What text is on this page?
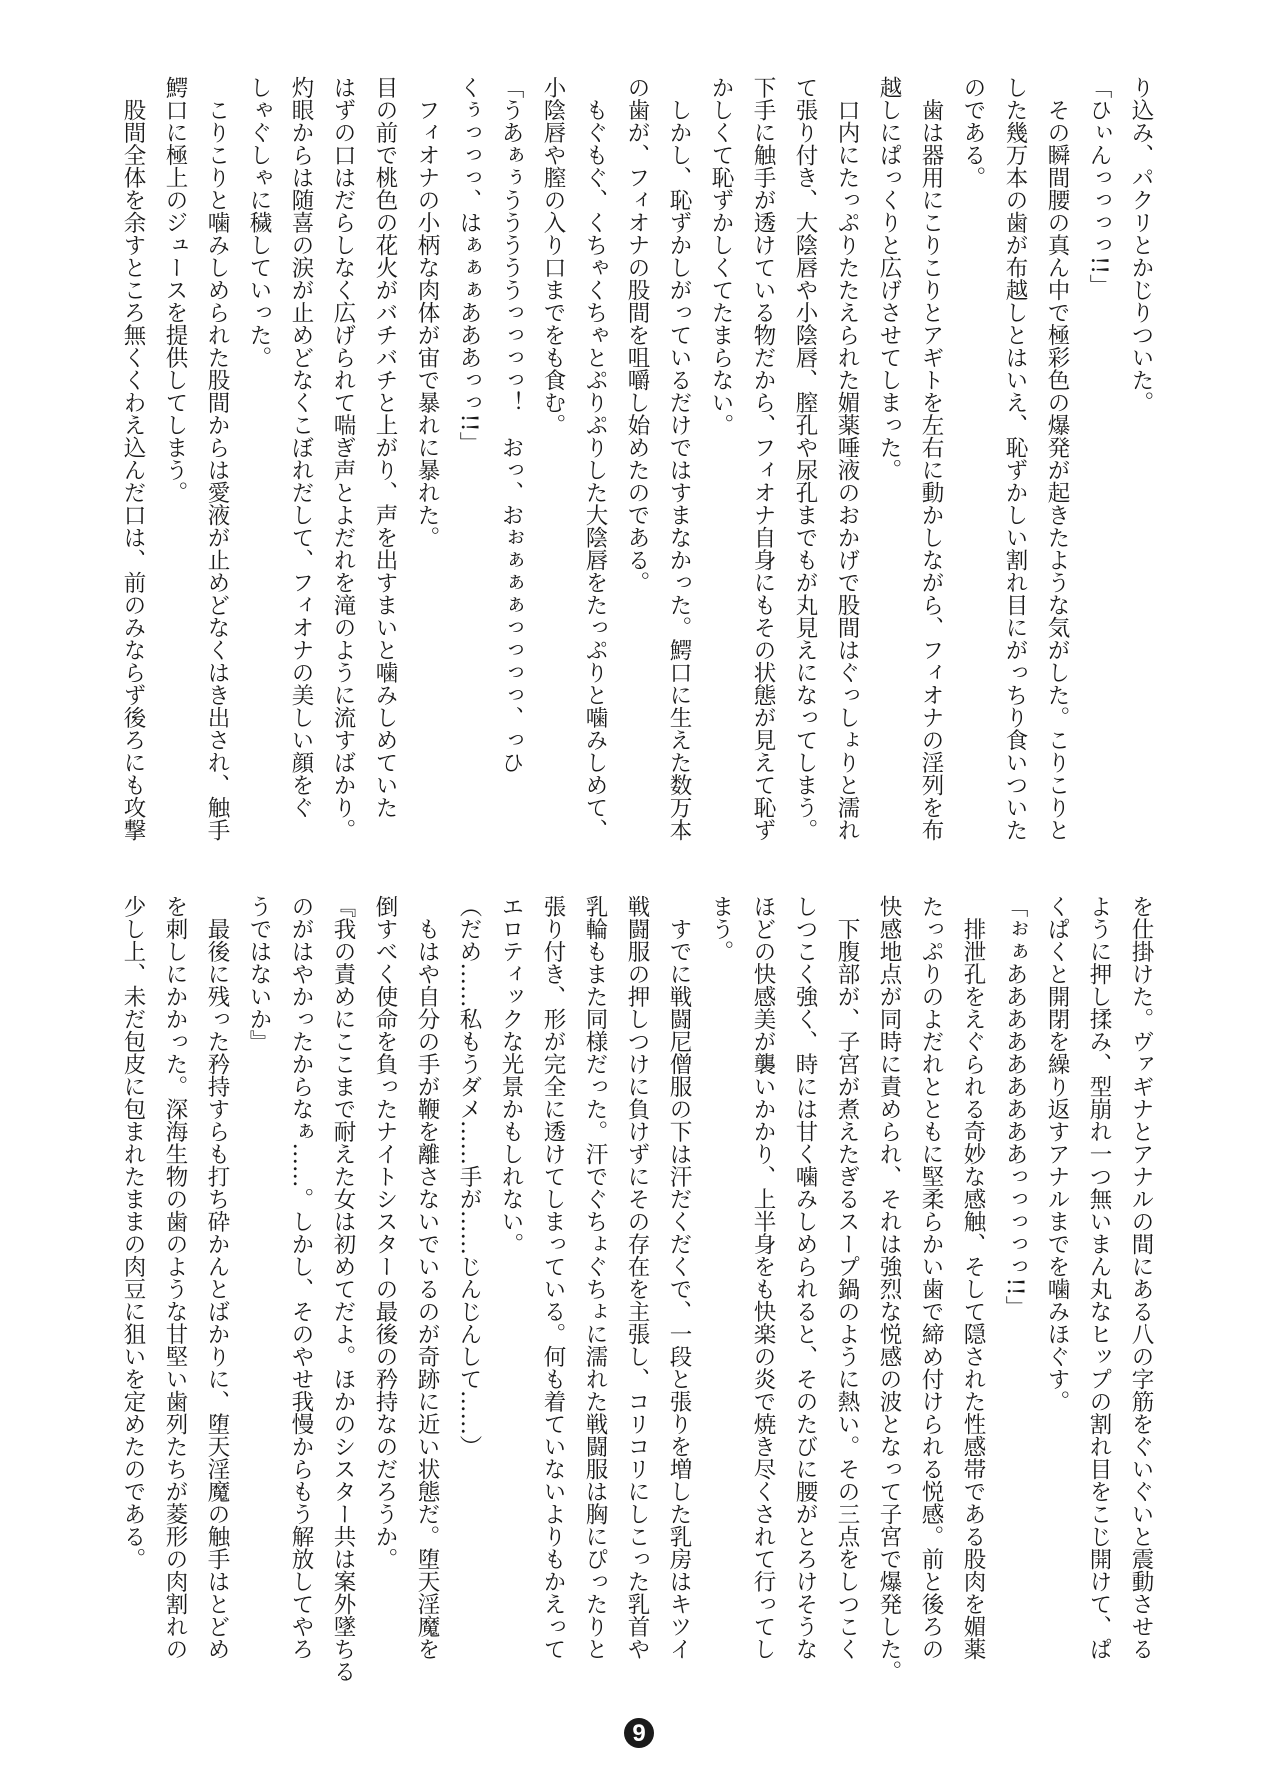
り込み、パクリとかじりついた。
「ひぃんっっっっ!!」
　その瞬間腰の真ん中で極彩色の爆発が起きたような気がした。こりこりと
した幾万本の歯が布越しとはいえ、恥ずかしい割れ目にがっちり食いついた
のである。
　歯は器用にこりこりとアギトを左右に動かしながら、フィオナの淫列を布
越しにぱっくりと広げさせてしまった。
　口内にたっぷりたたえられた媚薬唾液のおかげで股間はぐっしょりと濡れ
て張り付き、大陰唇や小陰唇、膣孔や尿孔までもが丸見えになってしまう。
下手に触手が透けている物だから、フィオナ自身にもその状態が見えて恥ず
かしくて恥ずかしくてたまらない。
　しかし、恥ずかしがっているだけではすまなかった。鰐口に生えた数万本
の歯が、フィオナの股間を咀嚼し始めたのである。
　もぐもぐ、くちゃくちゃとぷりぷりした大陰唇をたっぷりと噛みしめて、
小陰唇や膣の入り口までをも食む。
「うあぁぅうううううっっっっ！　おっ、おぉぁぁぁっっっっ、っひ
くぅっっっ、はぁぁぁあああっっ!!」
　フィオナの小柄な肉体が宙で暴れに暴れた。
目の前で桃色の花火がバチバチと上がり、声を出すまいと噛みしめていた
はずの口はだらしなく広げられて喘ぎ声とよだれを滝のように流すばかり。
灼眼からは随喜の涙が止めどなくこぼれだして、フィオナの美しい顔をぐ
しゃぐしゃに穢していった。
　こりこりと噛みしめられた股間からは愛液が止めどなくはき出され、触手
鰐口に極上のジュースを提供してしまう。
　股間全体を余すところ無くくわえ込んだ口は、前のみならず後ろにも攻撃
を仕掛けた。ヴァギナとアナルの間にある八の字筋をぐいぐいと震動させる
ように押し揉み、型崩れ一つ無いまん丸なヒップの割れ目をこじ開けて、ぱ
くぱくと開閉を繰り返すアナルまでを噛みほぐす。
「ぉぁあああああああああっっっっっ!!」
　排泄孔をえぐられる奇妙な感触、そして隠された性感帯である股肉を媚薬
たっぷりのよだれとともに堅柔らかい歯で締め付けられる悦感。前と後ろの
快感地点が同時に責められ、それは強烈な悦感の波となって子宮で爆発した。
　下腹部が、子宮が煮えたぎるスープ鍋のように熱い。その三点をしつこく
しつこく強く、時には甘く噛みしめられると、そのたびに腰がとろけそうな
ほどの快感美が襲いかかり、上半身をも快楽の炎で焼き尽くされて行ってし
まう。
　すでに戦闘尼僧服の下は汗だくだくで、一段と張りを増した乳房はキツイ
戦闘服の押しつけに負けずにその存在を主張し、コリコリにしこった乳首や
乳輪もまた同様だった。汗でぐちょぐちょに濡れた戦闘服は胸にぴったりと
張り付き、形が完全に透けてしまっている。何も着ていないよりもかえって
エロティックな光景かもしれない。
（だめ……私もうダメ……手が……じんじんして……）
　もはや自分の手が鞭を離さないでいるのが奇跡に近い状態だ。堕天淫魔を
倒すべく使命を負ったナイトシスターの最後の矜持なのだろうか。
『我の責めにここまで耐えた女は初めてだよ。ほかのシスター共は案外墜ちる
のがはやかったからなぁ……。しかし、そのやせ我慢からもう解放してやろ
うではないか』
　最後に残った矜持すらも打ち砕かんとばかりに、堕天淫魔の触手はとどめ
を刺しにかかった。深海生物の歯のような甘堅い歯列たちが菱形の肉割れの
少し上、未だ包皮に包まれたままの肉豆に狙いを定めたのである。
9
